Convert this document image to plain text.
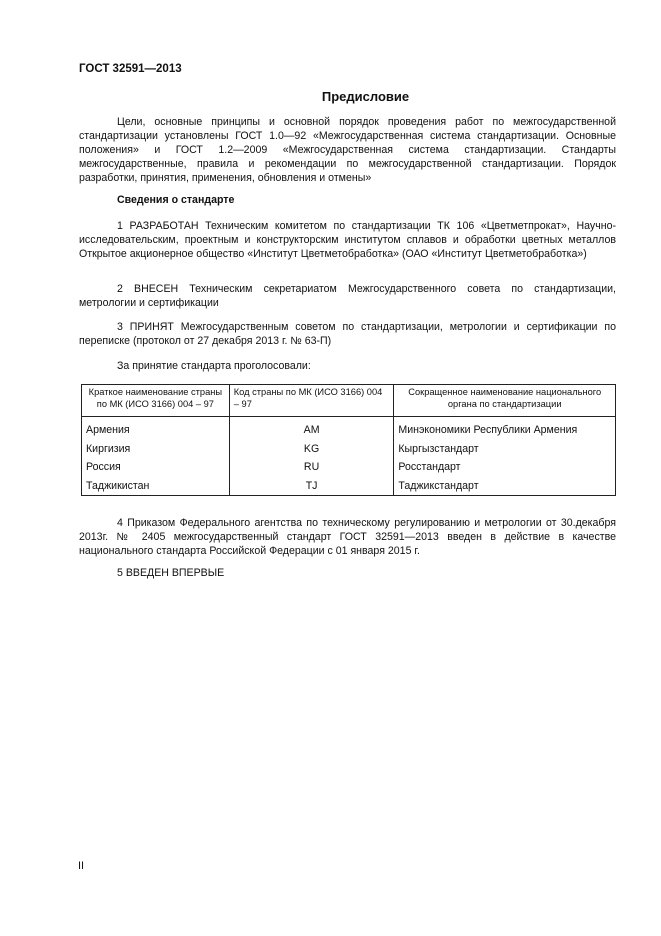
ГОСТ 32591—2013
Предисловие
Цели, основные принципы и основной порядок проведения работ по межгосударственной стандартизации установлены ГОСТ 1.0—92 «Межгосударственная система стандартизации. Основные положения» и ГОСТ 1.2—2009 «Межгосударственная система стандартизации. Стандарты межгосударственные, правила и рекомендации по межгосударственной стандартизации. Порядок разработки, принятия, применения, обновления и отмены»
Сведения о стандарте
1 РАЗРАБОТАН Техническим комитетом по стандартизации ТК 106 «Цветметпрокат», Научно-исследовательским, проектным и конструкторским институтом сплавов и обработки цветных металлов Открытое акционерное общество «Институт Цветметобработка» (ОАО «Институт Цветметобработка»)
2 ВНЕСЕН Техническим секретариатом Межгосударственного совета по стандартизации, метрологии и сертификации
3 ПРИНЯТ Межгосударственным советом по стандартизации, метрологии и сертификации по переписке (протокол от 27 декабря 2013 г. № 63-П)
За принятие стандарта проголосовали:
Краткое наименование страны по МК (ИСО 3166) 004 – 97	Код страны по МК (ИСО 3166) 004 – 97	Сокращенное наименование национального органа по стандартизации
Армения	AM	Минэкономики Республики Армения
Киргизия	KG	Кыргызстандарт
Россия	RU	Росстандарт
Таджикистан	TJ	Таджикстандарт
4 Приказом Федерального агентства по техническому регулированию и метрологии от 30.декабря 2013г. № 2405 межгосударственный стандарт ГОСТ 32591—2013 введен в действие в качестве национального стандарта Российской Федерации с 01 января 2015 г.
5 ВВЕДЕН ВПЕРВЫЕ
II
